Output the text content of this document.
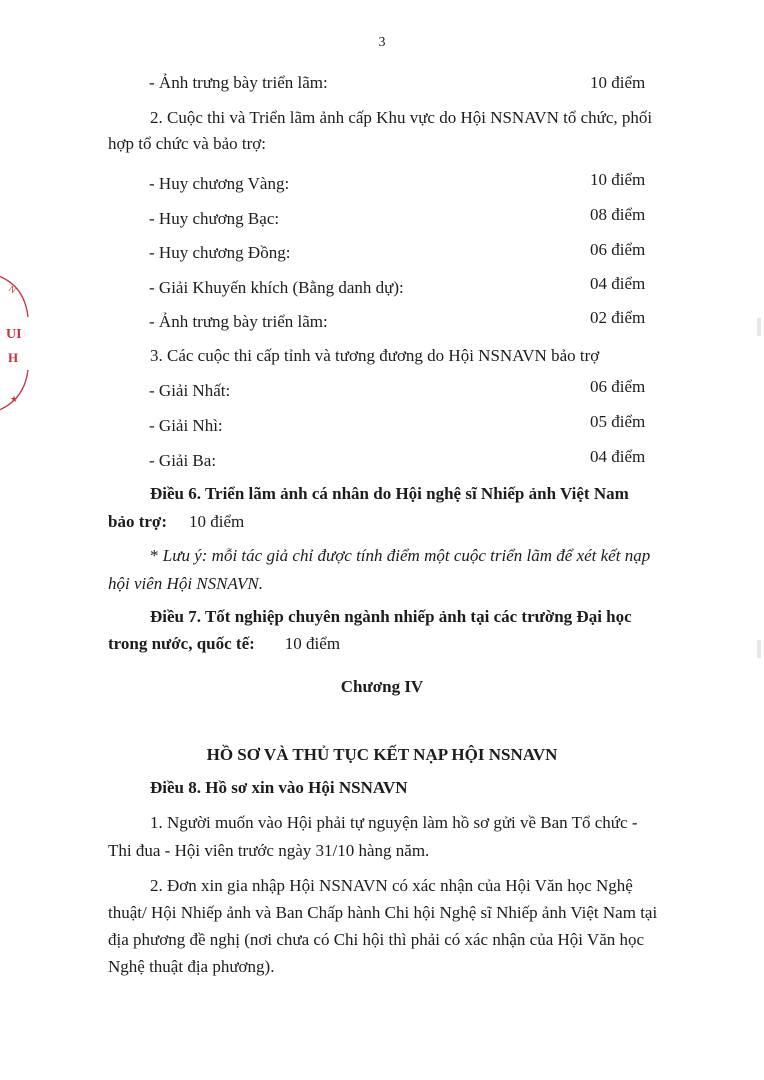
3
N
UI
H
★
- Ảnh trưng bày triển lãm:	10 điểm
2. Cuộc thi và Triển lãm ảnh cấp Khu vực do Hội NSNAVN tổ chức, phối
hợp tổ chức và bảo trợ:
- Huy chương Vàng:	10 điểm
- Huy chương Bạc:	08 điểm
- Huy chương Đồng:	06 điểm
- Giải Khuyến khích (Bằng danh dự):	04 điểm
- Ảnh trưng bày triển lãm:	02 điểm
3. Các cuộc thi cấp tỉnh và tương đương do Hội NSNAVN bảo trợ
- Giải Nhất:	06 điểm
- Giải Nhì:	05 điểm
- Giải Ba:	04 điểm
Điều 6. Triển lãm ảnh cá nhân do Hội nghệ sĩ Nhiếp ảnh Việt Nam
bảo trợ: 10 điểm
* Lưu ý: mỗi tác giả chỉ được tính điểm một cuộc triển lãm để xét kết nạp
hội viên Hội NSNAVN.
Điều 7. Tốt nghiệp chuyên ngành nhiếp ảnh tại các trường Đại học
trong nước, quốc tế: 10 điểm
Chương IV
HỒ SƠ VÀ THỦ TỤC KẾT NẠP HỘI NSNAVN
Điều 8. Hồ sơ xin vào Hội NSNAVN
1. Người muốn vào Hội phải tự nguyện làm hồ sơ gửi về Ban Tổ chức -
Thi đua - Hội viên trước ngày 31/10 hàng năm.
2. Đơn xin gia nhập Hội NSNAVN có xác nhận của Hội Văn học Nghệ
thuật/ Hội Nhiếp ảnh và Ban Chấp hành Chi hội Nghệ sĩ Nhiếp ảnh Việt Nam tại
địa phương đề nghị (nơi chưa có Chi hội thì phải có xác nhận của Hội Văn học
Nghệ thuật địa phương).
